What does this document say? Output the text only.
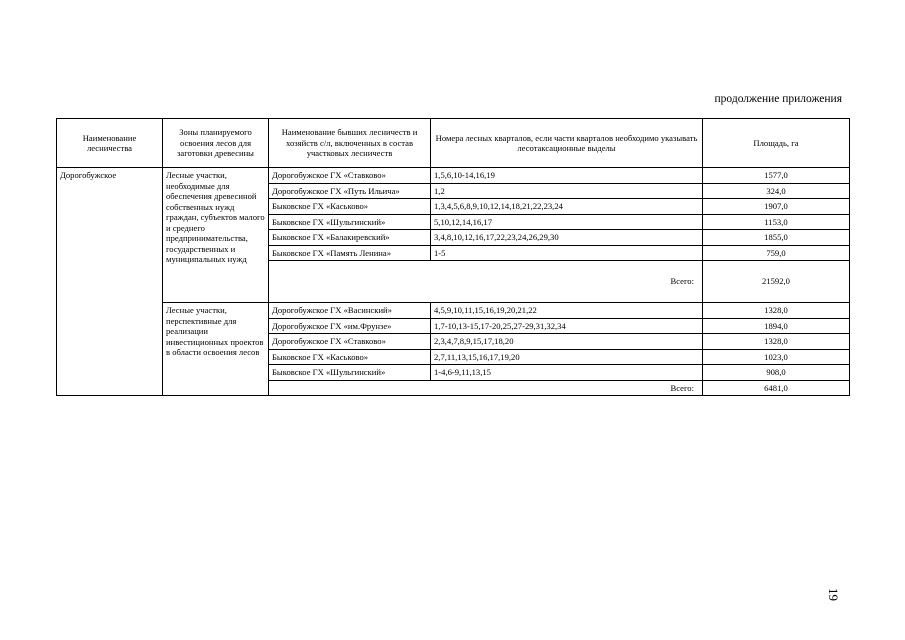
продолжение приложения
Наименование лесничества	Зоны планируемого освоения лесов для заготовки древесины	Наименование бывших лесничеств и хозяйств с/л, включенных в состав участковых лесничеств	Номера лесных кварталов, если части кварталов необходимо указывать лесотаксационные выделы	Площадь, га
Дорогобужское	Лесные участки, необходимые для обеспечения древесиной собственных нужд граждан, субъектов малого и среднего предпринимательства, государственных и муниципальных нужд	Дорогобужское ГХ «Ставково»	1,5,6,10-14,16,19	1577,0
		Дорогобужское ГХ «Путь Ильича»	1,2	324,0
		Быковское ГХ «Каськово»	1,3,4,5,6,8,9,10,12,14,18,21,22,23,24	1907,0
		Быковское ГХ «Шульгинский»	5,10,12,14,16,17	1153,0
		Быковское ГХ «Балакиревский»	3,4,8,10,12,16,17,22,23,24,26,29,30	1855,0
		Быковское ГХ «Память Ленина»	1-5	759,0
		Всего:		21592,0
	Лесные участки, перспективные для реализации инвестиционных проектов в области освоения лесов	Дорогобужское ГХ «Васинский»	4,5,9,10,11,15,16,19,20,21,22	1328,0
		Дорогобужское ГХ «им.Фрунзе»	1,7-10,13-15,17-20,25,27-29,31,32,34	1894,0
		Дорогобужское ГХ «Ставково»	2,3,4,7,8,9,15,17,18,20	1328,0
		Быковское ГХ «Каськово»	2,7,11,13,15,16,17,19,20	1023,0
		Быковское ГХ «Шульгинский»	1-4,6-9,11,13,15	908,0
		Всего:		6481,0
19
